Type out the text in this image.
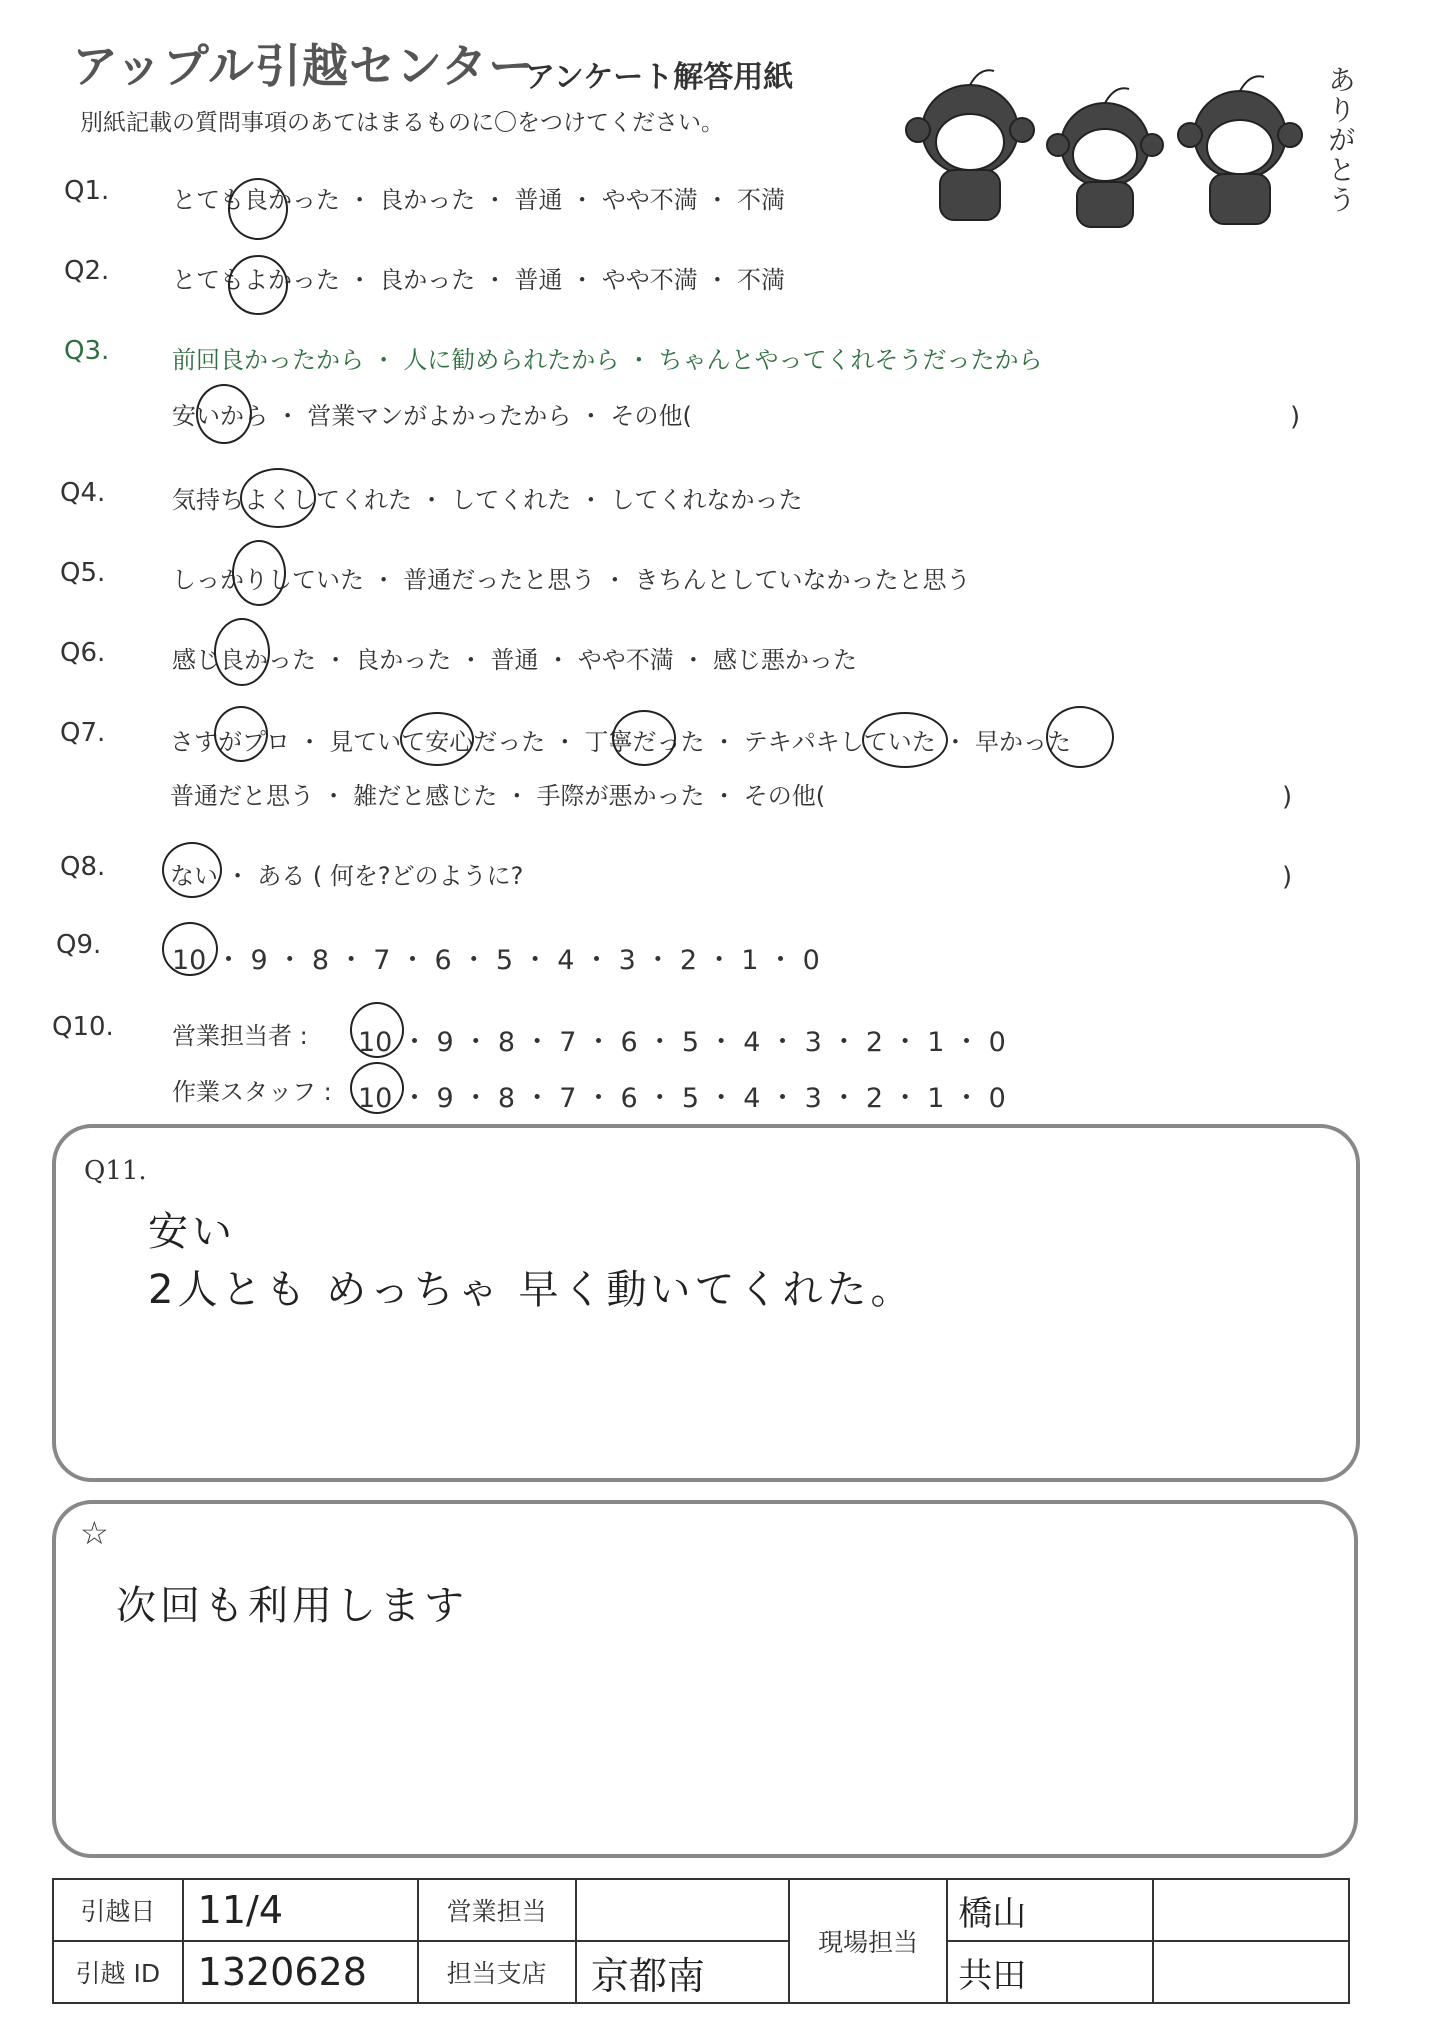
アップル引越センター
アンケート解答用紙
別紙記載の質問事項のあてはまるものに〇をつけてください。	ありがとう
Q1.	とても良かった ・ 良かった ・ 普通 ・ やや不満 ・ 不満
Q2.	とてもよかった ・ 良かった ・ 普通 ・ やや不満 ・ 不満
Q3.	前回良かったから ・ 人に勧められたから ・ ちゃんとやってくれそうだったから
安いから ・ 営業マンがよかったから ・ その他(	)
Q4.	気持ちよくしてくれた ・ してくれた ・ してくれなかった
Q5.	しっかりしていた ・ 普通だったと思う ・ きちんとしていなかったと思う
Q6.	感じ良かった ・ 良かった ・ 普通 ・ やや不満 ・ 感じ悪かった
Q7.	さすがプロ ・ 見ていて安心だった ・ 丁寧だった ・ テキパキしていた ・ 早かった
普通だと思う ・ 雑だと感じた ・ 手際が悪かった ・ その他(	)
Q8.	ない ・ ある ( 何を?どのように?	)
Q9.	10 ・ 9 ・ 8 ・ 7 ・ 6 ・ 5 ・ 4 ・ 3 ・ 2 ・ 1 ・ 0
Q10. 営業担当者 : 10 ・ 9 ・ 8 ・ 7 ・ 6 ・ 5 ・ 4 ・ 3 ・ 2 ・ 1 ・ 0
作業スタッフ : 10 ・ 9 ・ 8 ・ 7 ・ 6 ・ 5 ・ 4 ・ 3 ・ 2 ・ 1 ・ 0
Q11.
安い
2人とも めっちゃ 早く動いてくれた。
☆
次回も利用します
引越日	11/4	営業担当		現場担当	橋山	
引越 ID	1320628	担当支店	京都南		共田	
